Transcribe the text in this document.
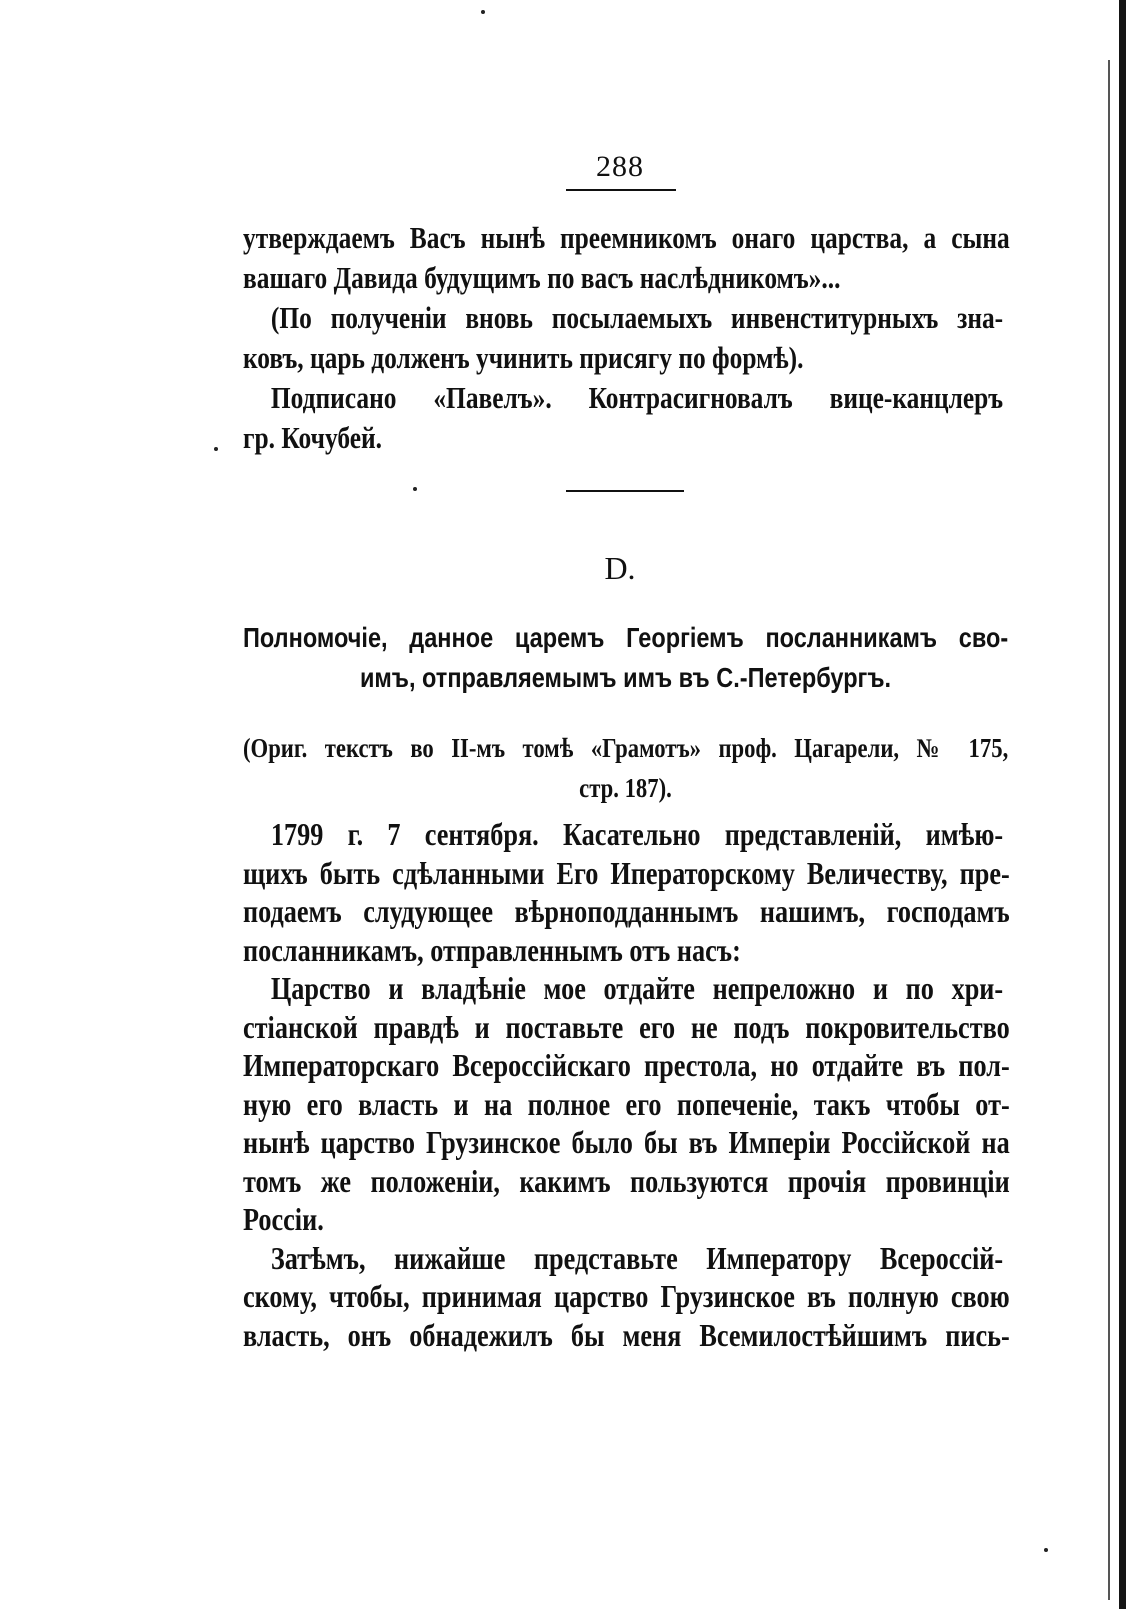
288
утверждаемъ Васъ нынѣ преемникомъ онаго царства, а сына
вашаго Давида будущимъ по васъ наслѣдникомъ»...
(По полученіи вновь посылаемыхъ инвенститурныхъ зна-
ковъ, царь долженъ учинить присягу по формѣ).
Подписано «Павелъ». Контрасигновалъ вице-канцлеръ
гр. Кочубей.
D.
Полномочіе, данное царемъ Георгіемъ посланникамъ сво-
имъ, отправляемымъ имъ въ С.-Петербургъ.
(Ориг. текстъ во II-мъ томѣ «Грамотъ» проф. Цагарели, № 175,
стр. 187).
1799 г. 7 сентября. Касательно представленій, имѣю-
щихъ быть сдѣланными Его Иператорскому Величеству, пре-
подаемъ слудующее вѣрноподданнымъ нашимъ, господамъ
посланникамъ, отправленнымъ отъ насъ:
Царство и владѣніе мое отдайте непреложно и по хри-
стіанской правдѣ и поставьте его не подъ покровительство
Императорскаго Всероссійскаго престола, но отдайте въ пол-
ную его власть и на полное его попеченіе, такъ чтобы от-
нынѣ царство Грузинское было бы въ Имперіи Россійской на
томъ же положеніи, какимъ пользуются прочія провинціи
Россіи.
Затѣмъ, нижайше представьте Императору Всероссій-
скому, чтобы, принимая царство Грузинское въ полную свою
власть, онъ обнадежилъ бы меня Всемилостѣйшимъ пись-
